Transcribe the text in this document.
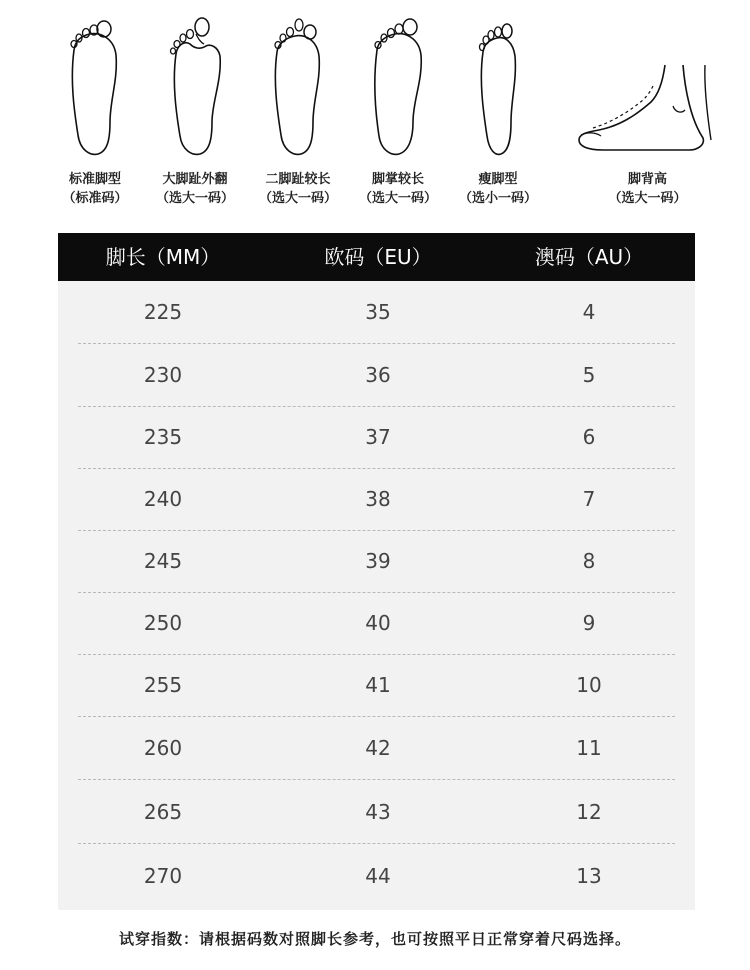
标准脚型
（标准码）
大脚趾外翻
（选大一码）
二脚趾较长
（选大一码）
脚掌较长
（选大一码）
瘦脚型
（选小一码）
脚背高
（选大一码）
脚长（MM）	欧码（EU）	澳码（AU）
225	35	4
230	36	5
235	37	6
240	38	7
245	39	8
250	40	9
255	41	10
260	42	11
265	43	12
270	44	13
试穿指数：请根据码数对照脚长参考，也可按照平日正常穿着尺码选择。
